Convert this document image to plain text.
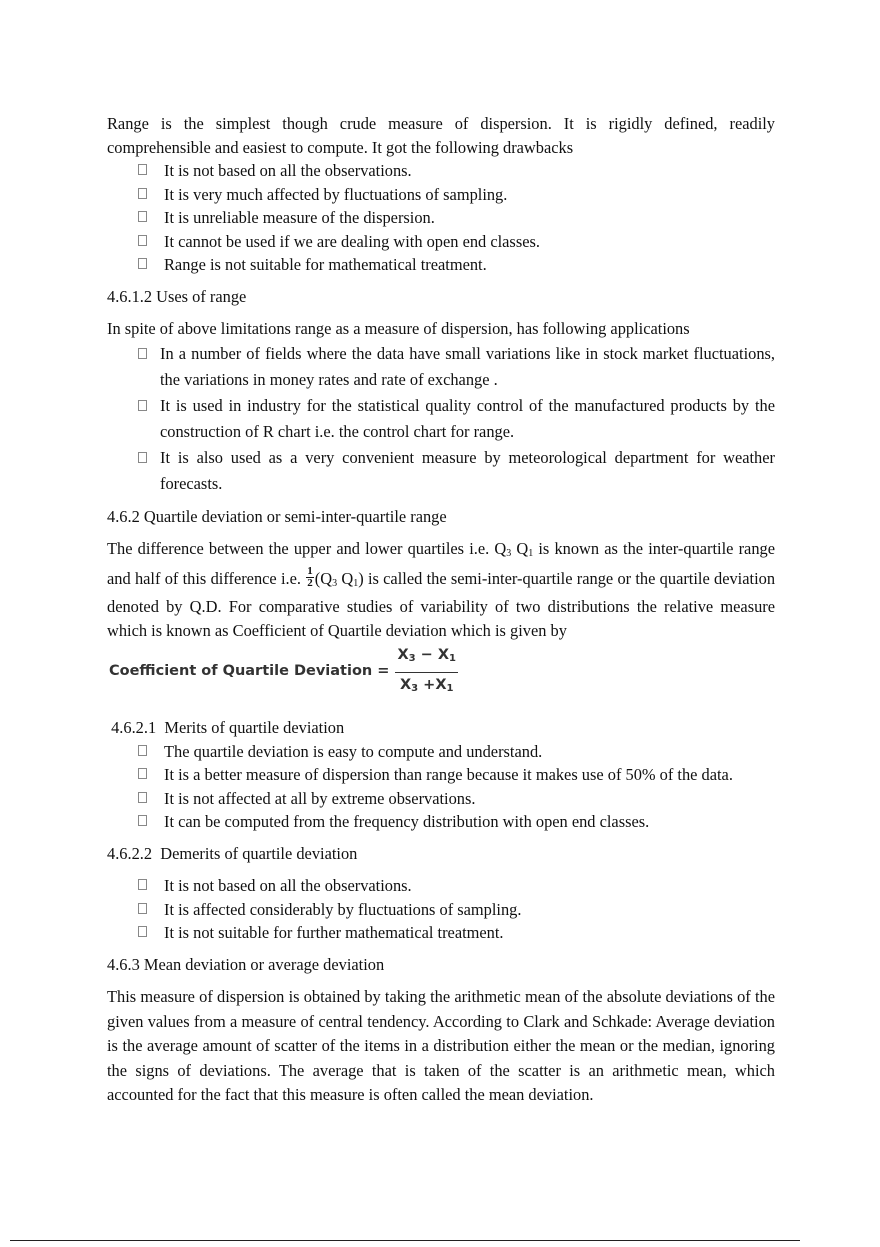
Range is the simplest though crude measure of dispersion. It is rigidly defined, readily comprehensible and easiest to compute. It got the following drawbacks

It is not based on all the observations.
It is very much affected by fluctuations of sampling.
It is unreliable measure of the dispersion.
It cannot be used if we are dealing with open end classes.
Range is not suitable for mathematical treatment.

4.6.1.2 Uses of range

In spite of above limitations range as a measure of dispersion, has following applications

In a number of fields where the data have small variations like in stock market fluctuations, the variations in money rates and rate of exchange .
It is used in industry for the statistical quality control of the manufactured products by the construction of R chart i.e. the control chart for range.
It is also used as a very convenient measure by meteorological department for weather forecasts.

4.6.2 Quartile deviation or semi-inter-quartile range

The difference between the upper and lower quartiles i.e. $Q_3$ $Q_1$ is known as the inter-quartile range and half of this difference i.e. $\frac{1}{2} (Q_3$ $Q_1$) is called the semi-inter-quartile range or the quartile deviation denoted by Q.D. For comparative studies of variability of two distributions the relative measure which is known as Coefficient of Quartile deviation which is given by

Coefficient of Quartile Deviation = $\frac{X_3 - X_1}{X_3 +X_1}$

4.6.2.1  Merits of quartile deviation

The quartile deviation is easy to compute and understand.
It is a better measure of dispersion than range because it makes use of 50% of the data.
It is not affected at all by extreme observations.
It can be computed from the frequency distribution with open end classes.

4.6.2.2  Demerits of quartile deviation

It is not based on all the observations.
It is affected considerably by fluctuations of sampling.
It is not suitable for further mathematical treatment.

4.6.3 Mean deviation or average deviation

This measure of dispersion is obtained by taking the arithmetic mean of the absolute deviations of the given values from a measure of central tendency. According to Clark and Schkade: Average deviation is the average amount of scatter of the items in a distribution either the mean or the median, ignoring the signs of deviations. The average that is taken of the scatter is an arithmetic mean, which accounted for the fact that this measure is often called the mean deviation.
